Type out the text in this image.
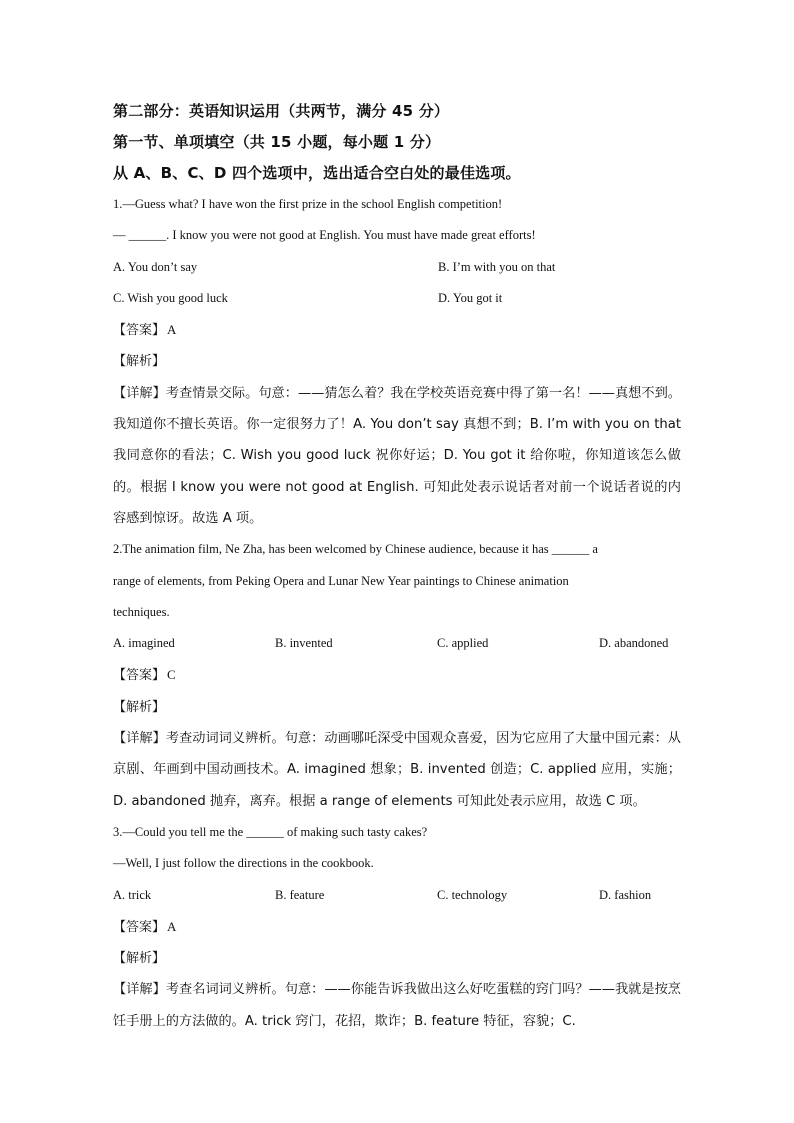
第二部分：英语知识运用（共两节，满分 45 分）
第一节、单项填空（共 15 小题，每小题 1 分）
从 A、B、C、D 四个选项中，选出适合空白处的最佳选项。
1.—Guess what? I have won the first prize in the school English competition!
— ______. I know you were not good at English. You must have made great efforts!
A. You don’t say	B. I’m with you on that
C. Wish you good luck	D. You got it
【答案】 A
【解析】
【详解】考查情景交际。句意：——猜怎么着？我在学校英语竞赛中得了第一名！——真想不到。我知道你不擅长英语。你一定很努力了！A. You don’t say 真想不到；B. I’m with you on that 我同意你的看法；C. Wish you good luck 祝你好运；D. You got it 给你啦，你知道该怎么做的。根据 I know you were not good at English. 可知此处表示说话者对前一个说话者说的内容感到惊讶。故选 A 项。
2.The animation film, Ne Zha, has been welcomed by Chinese audience, because it has ______ a
range of elements, from Peking Opera and Lunar New Year paintings to Chinese animation
techniques.
A. imagined	B. invented	C. applied	D. abandoned
【答案】 C
【解析】
【详解】考查动词词义辨析。句意：动画哪吒深受中国观众喜爱，因为它应用了大量中国元素：从京剧、年画到中国动画技术。A. imagined 想象；B. invented 创造；C. applied 应用，实施；D. abandoned 抛弃，离弃。根据 a range of elements 可知此处表示应用，故选 C 项。
3.—Could you tell me the ______ of making such tasty cakes?
—Well, I just follow the directions in the cookbook.
A. trick	B. feature	C. technology	D. fashion
【答案】 A
【解析】
【详解】考查名词词义辨析。句意：——你能告诉我做出这么好吃蛋糕的窍门吗？——我就是按烹饪手册上的方法做的。A. trick 窍门，花招，欺诈；B. feature 特征，容貌；C.
